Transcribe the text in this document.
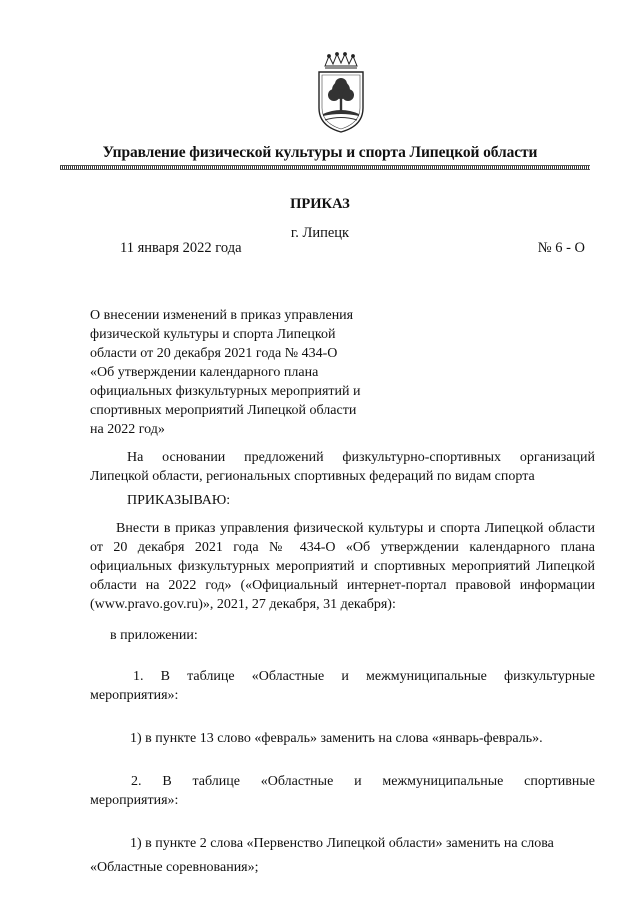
Управление физической культуры и спорта Липецкой области
ПРИКАЗ
г. Липецк
11 января 2022 года	№ 6 - О
О внесении изменений в приказ управления
физической культуры и спорта Липецкой
области от 20 декабря 2021 года № 434-О
«Об утверждении календарного плана
официальных физкультурных мероприятий и
спортивных мероприятий Липецкой области
на 2022 год»
На основании предложений физкультурно-спортивных организаций Липецкой области, региональных спортивных федераций по видам спорта
ПРИКАЗЫВАЮ:
Внести в приказ управления физической культуры и спорта Липецкой области от 20 декабря 2021 года № 434-О «Об утверждении календарного плана официальных физкультурных мероприятий и спортивных мероприятий Липецкой области на 2022 год» («Официальный интернет-портал правовой информации (www.pravo.gov.ru)», 2021, 27 декабря, 31 декабря):
в приложении:
1. В таблице «Областные и межмуниципальные физкультурные
мероприятия»:
1) в пункте 13 слово «февраль» заменить на слова «январь-февраль».
2. В таблице «Областные и межмуниципальные спортивные
мероприятия»:
1) в пункте 2 слова «Первенство Липецкой области» заменить на слова
«Областные соревнования»;
